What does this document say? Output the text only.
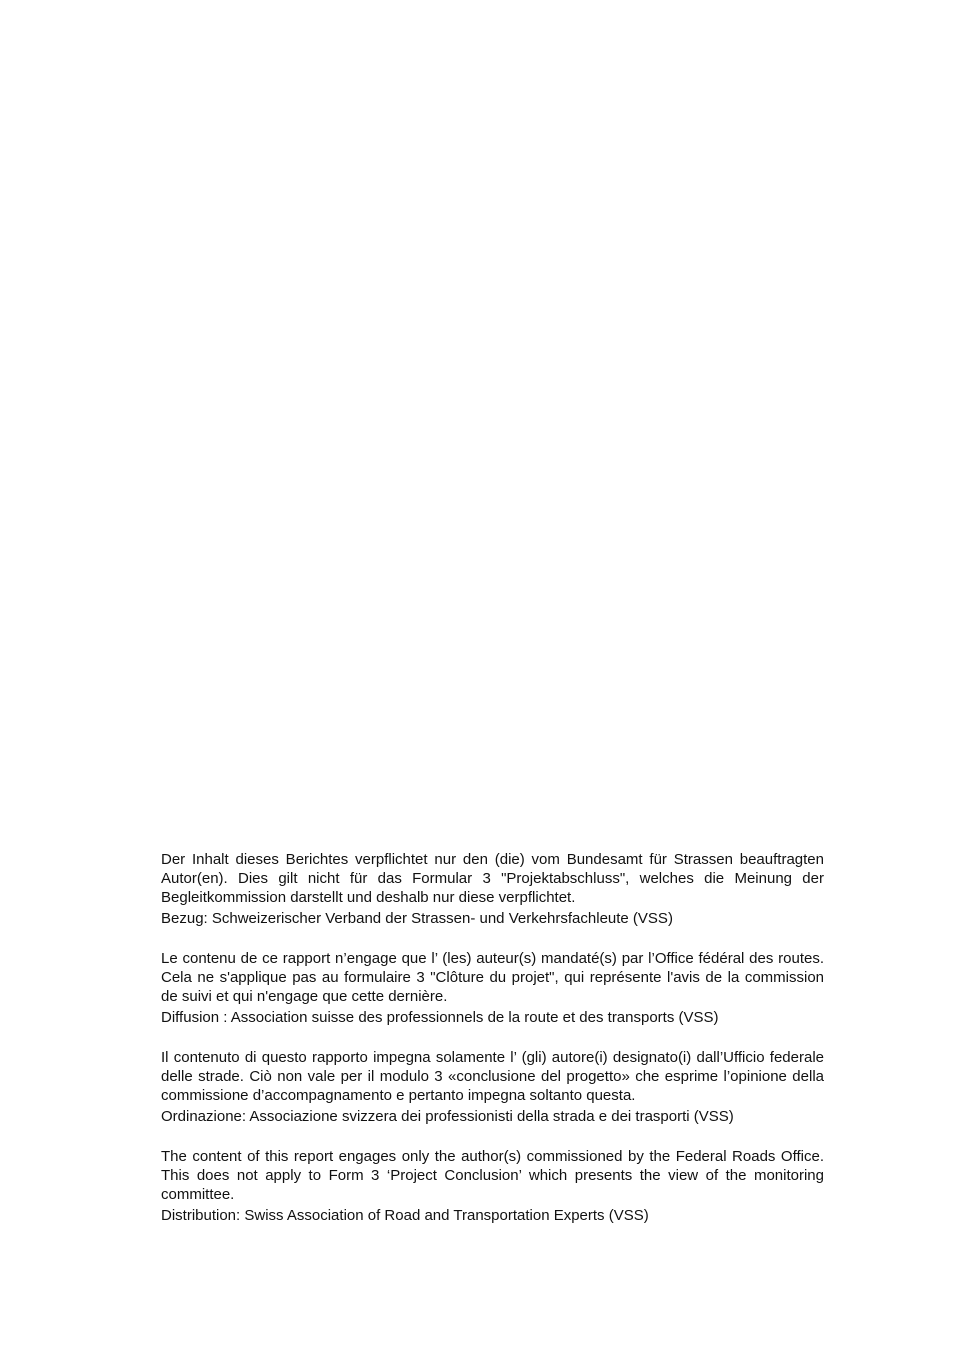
Der Inhalt dieses Berichtes verpflichtet nur den (die) vom Bundesamt für Strassen beauftragten Autor(en). Dies gilt nicht für das Formular 3 "Projektabschluss", welches die Meinung der Begleitkommission darstellt und deshalb nur diese verpflichtet.

Bezug: Schweizerischer Verband der Strassen- und Verkehrsfachleute (VSS)

Le contenu de ce rapport n’engage que l’ (les) auteur(s) mandaté(s) par l’Office fédéral des routes. Cela ne s'applique pas au formulaire 3 "Clôture du projet", qui représente l'avis de la commission de suivi et qui n'engage que cette dernière.

Diffusion : Association suisse des professionnels de la route et des transports (VSS)

Il contenuto di questo rapporto impegna solamente l’ (gli) autore(i) designato(i) dall’Ufficio federale delle strade. Ciò non vale per il modulo 3 «conclusione del progetto» che esprime l’opinione della commissione d’accompagnamento e pertanto impegna soltanto questa.

Ordinazione: Associazione svizzera dei professionisti della strada e dei trasporti (VSS)

The content of this report engages only the author(s) commissioned by the Federal Roads Office. This does not apply to Form 3 ‘Project Conclusion’ which presents the view of the monitoring committee.

Distribution: Swiss Association of Road and Transportation Experts (VSS)
